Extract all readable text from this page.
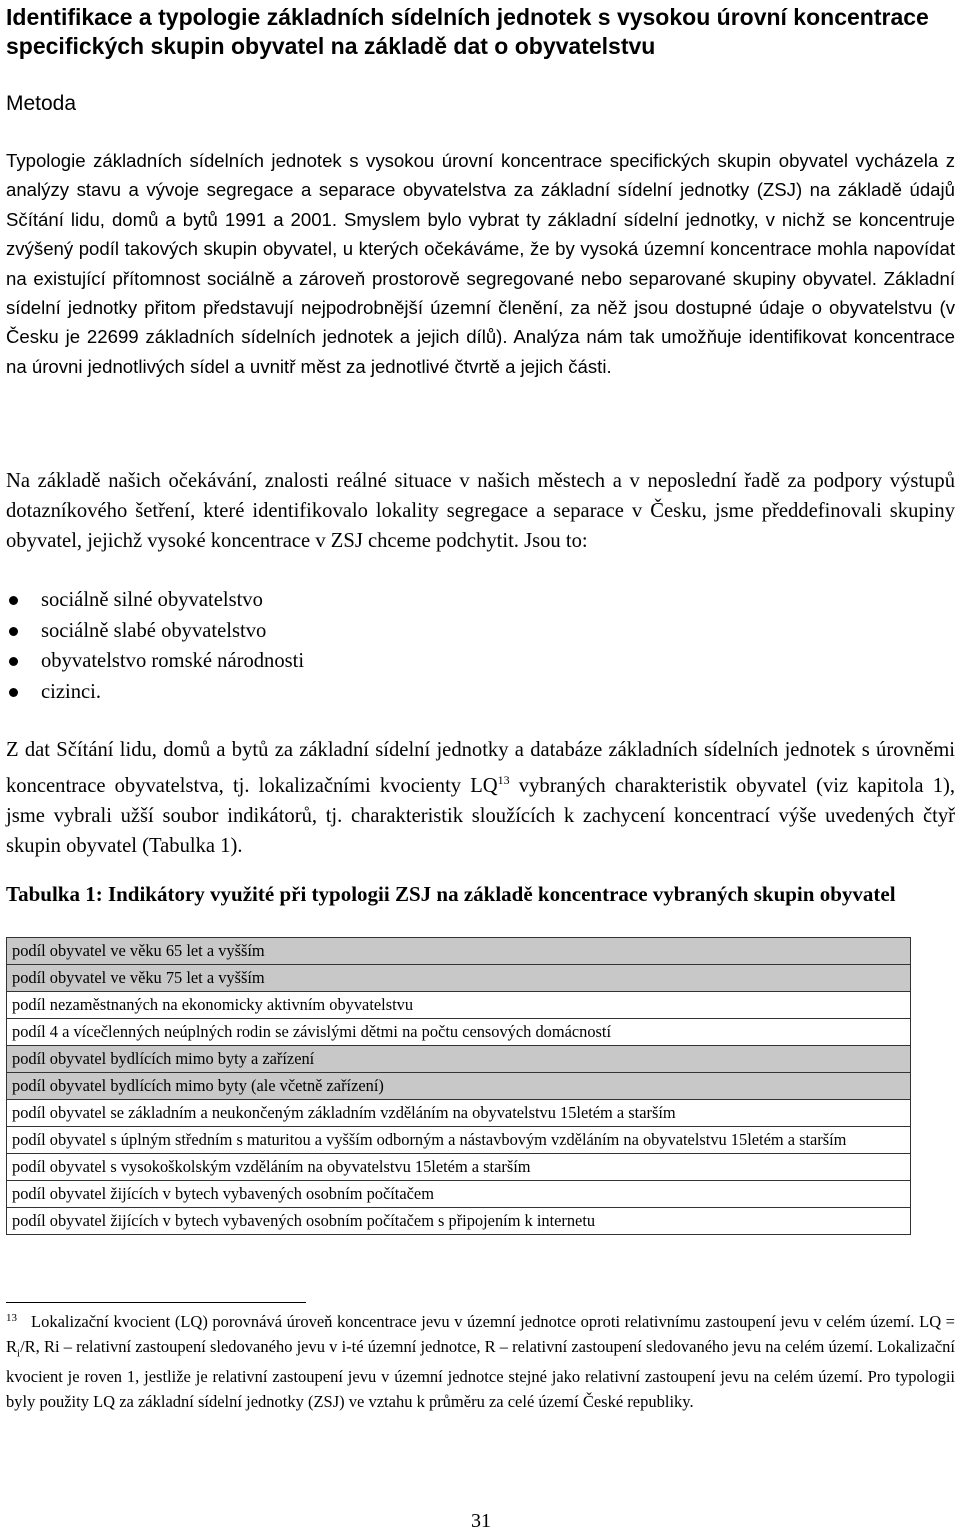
Identifikace a typologie základních sídelních jednotek s vysokou úrovní koncentrace specifických skupin obyvatel na základě dat o obyvatelstvu
Metoda

Typologie základních sídelních jednotek s vysokou úrovní koncentrace specifických skupin obyvatel vycházela z analýzy stavu a vývoje segregace a separace obyvatelstva za základní sídelní jednotky (ZSJ) na základě údajů Sčítání lidu, domů a bytů 1991 a 2001. Smyslem bylo vybrat ty základní sídelní jednotky, v nichž se koncentruje zvýšený podíl takových skupin obyvatel, u kterých očekáváme, že by vysoká územní koncentrace mohla napovídat na existující přítomnost sociálně a zároveň prostorově segregované nebo separované skupiny obyvatel. Základní sídelní jednotky přitom představují nejpodrobnější územní členění, za něž jsou dostupné údaje o obyvatelstvu (v Česku je 22699 základních sídelních jednotek a jejich dílů). Analýza nám tak umožňuje identifikovat koncentrace na úrovni jednotlivých sídel a uvnitř měst za jednotlivé čtvrtě a jejich části.

Na základě našich očekávání, znalosti reálné situace v našich městech a v neposlední řadě za podpory výstupů dotazníkového šetření, které identifikovalo lokality segregace a separace v Česku, jsme předdefinovali skupiny obyvatel, jejichž vysoké koncentrace v ZSJ chceme podchytit. Jsou to:

sociálně silné obyvatelstvo
sociálně slabé obyvatelstvo
obyvatelstvo romské národnosti
cizinci.

Z dat Sčítání lidu, domů a bytů za základní sídelní jednotky a databáze základních sídelních jednotek s úrovněmi koncentrace obyvatelstva, tj. lokalizačními kvocienty LQ$^{13}$ vybraných charakteristik obyvatel (viz kapitola 1), jsme vybrali užší soubor indikátorů, tj. charakteristik sloužících k zachycení koncentrací výše uvedených čtyř skupin obyvatel (Tabulka 1).

Tabulka 1: Indikátory využité při typologii ZSJ na základě koncentrace vybraných skupin obyvatel

podíl obyvatel ve věku 65 let a vyšším
podíl obyvatel ve věku 75 let a vyšším
podíl nezaměstnaných na ekonomicky aktivním obyvatelstvu
podíl 4 a vícečlenných neúplných rodin se závislými dětmi na počtu censových domácností
podíl obyvatel bydlících mimo byty a zařízení
podíl obyvatel bydlících mimo byty (ale včetně zařízení)
podíl obyvatel se základním a neukončeným základním vzděláním na obyvatelstvu 15letém a starším
podíl obyvatel s úplným středním s maturitou a vyšším odborným a nástavbovým vzděláním na obyvatelstvu 15letém a starším
podíl obyvatel s vysokoškolským vzděláním na obyvatelstvu 15letém a starším
podíl obyvatel žijících v bytech vybavených osobním počítačem
podíl obyvatel žijících v bytech vybavených osobním počítačem s připojením k internetu

$^{13}$ Lokalizační kvocient (LQ) porovnává úroveň koncentrace jevu v územní jednotce oproti relativnímu zastoupení jevu v celém území. LQ = $R_i/R$, Ri – relativní zastoupení sledovaného jevu v i-té územní jednotce, R – relativní zastoupení sledovaného jevu na celém území. Lokalizační kvocient je roven 1, jestliže je relativní zastoupení jevu v územní jednotce stejné jako relativní zastoupení jevu na celém území. Pro typologii byly použity LQ za základní sídelní jednotky (ZSJ) ve vztahu k průměru za celé území České republiky.

31
